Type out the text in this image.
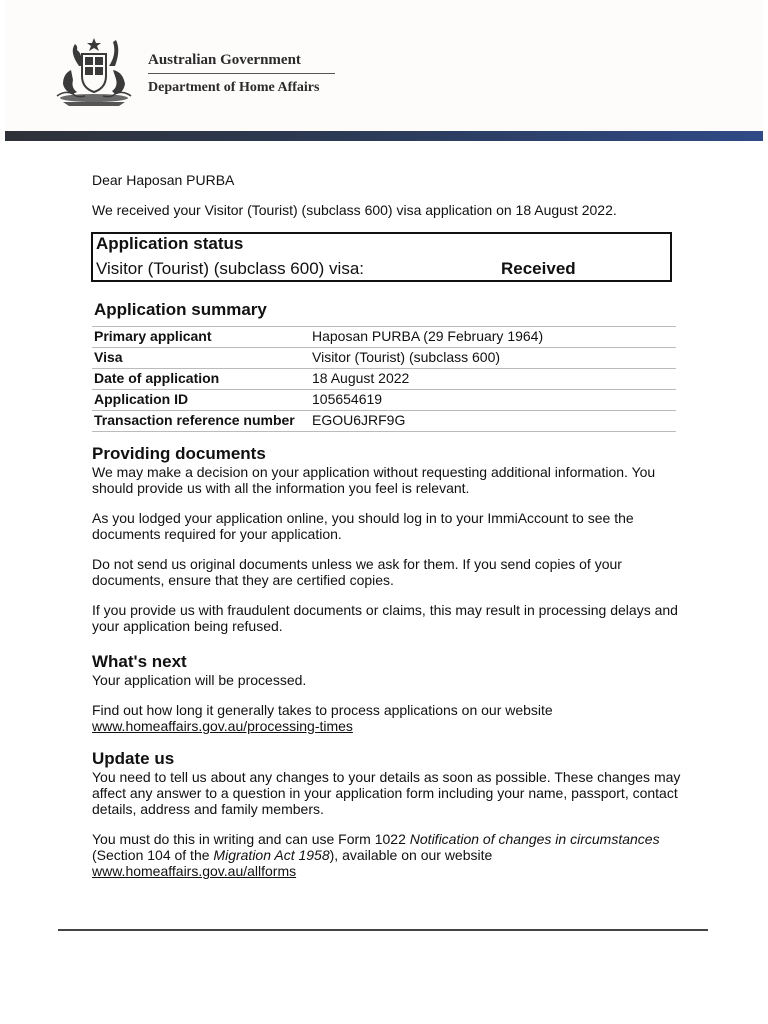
Australian Government
Department of Home Affairs

Dear Haposan PURBA

We received your Visitor (Tourist) (subclass 600) visa application on 18 August 2022.

Application status
Visitor (Tourist) (subclass 600) visa:	Received
Application summary
Primary applicant	Haposan PURBA (29 February 1964)
Visa	Visitor (Tourist) (subclass 600)
Date of application	18 August 2022
Application ID	105654619
Transaction reference number	EGOU6JRF9G
Providing documents

We may make a decision on your application without requesting additional information. You should provide us with all the information you feel is relevant.

As you lodged your application online, you should log in to your ImmiAccount to see the documents required for your application.

Do not send us original documents unless we ask for them. If you send copies of your documents, ensure that they are certified copies.

If you provide us with fraudulent documents or claims, this may result in processing delays and your application being refused.

What's next

Your application will be processed.

Find out how long it generally takes to process applications on our website

www.homeaffairs.gov.au/processing-times
Update us

You need to tell us about any changes to your details as soon as possible. These changes may affect any answer to a question in your application form including your name, passport, contact details, address and family members.

You must do this in writing and can use Form 1022 Notification of changes in circumstances
(Section 104 of the Migration Act 1958), available on our website www.homeaffairs.gov.au/allforms
